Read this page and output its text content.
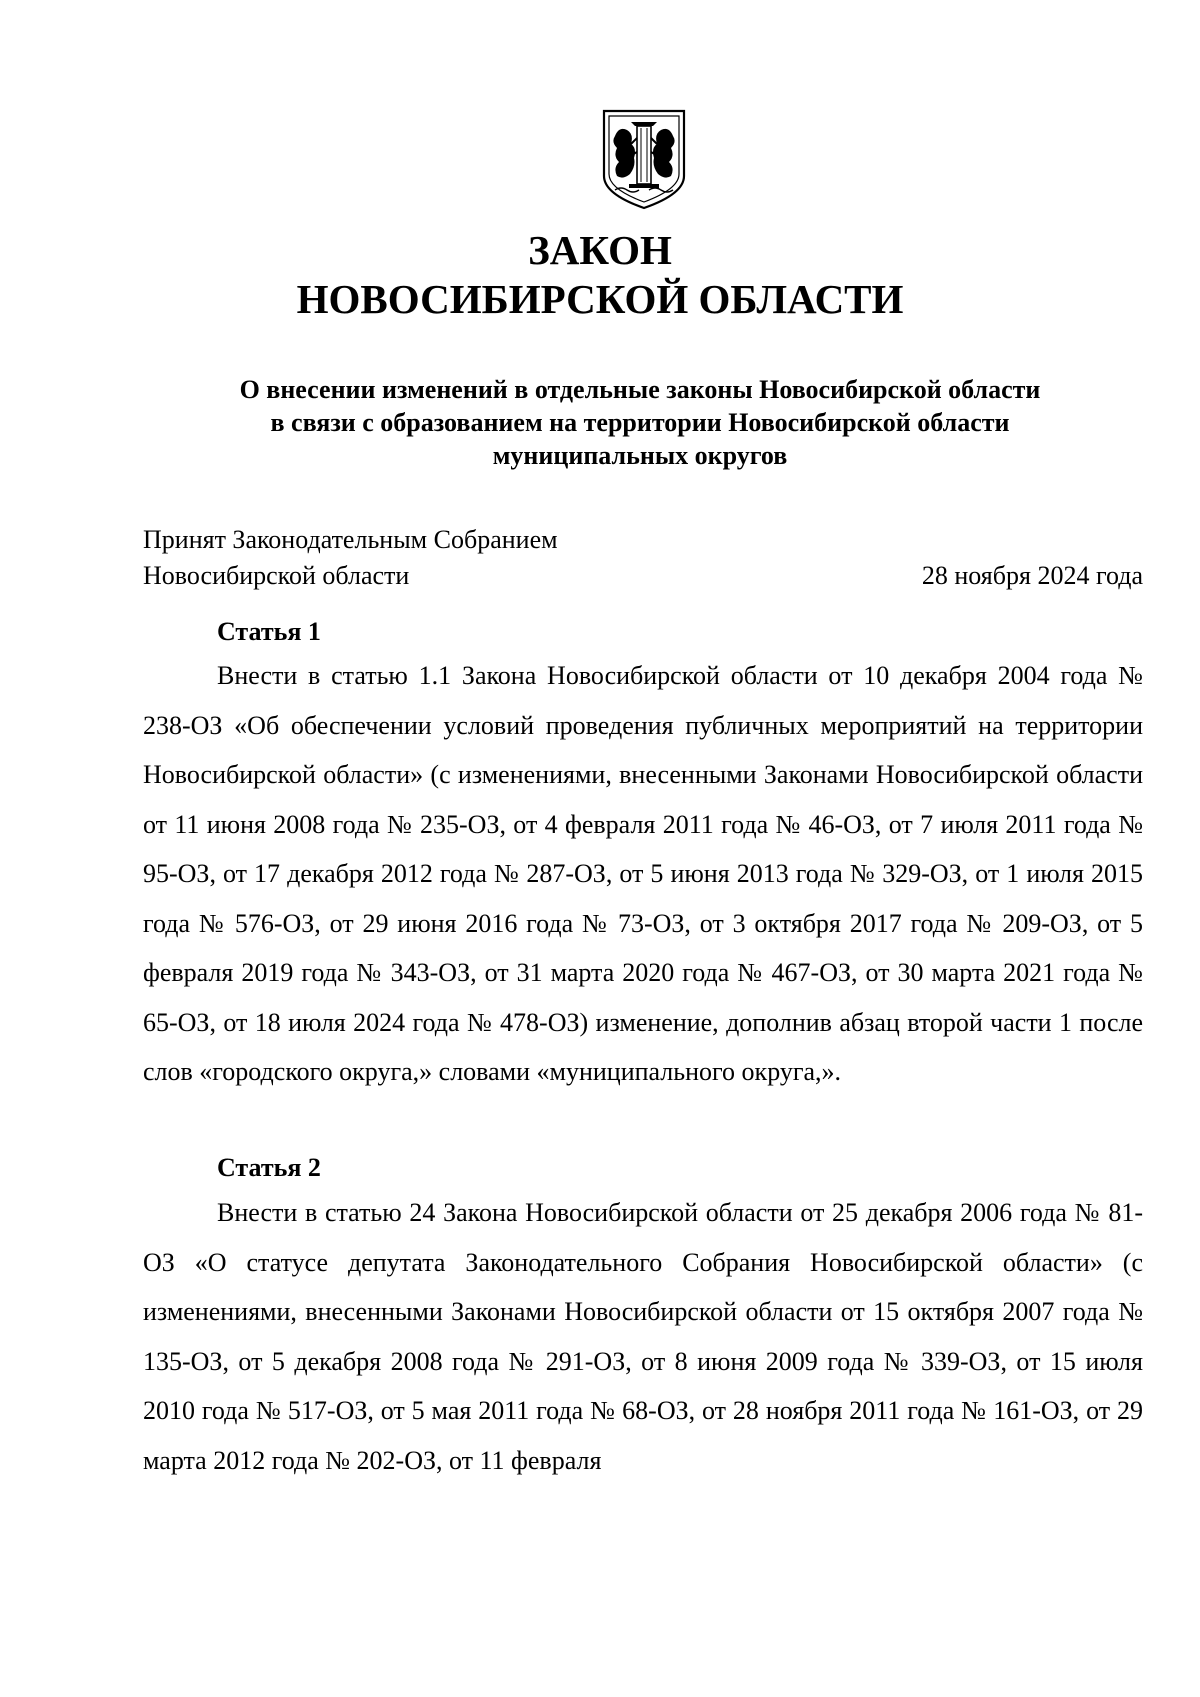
ЗАКОН
НОВОСИБИРСКОЙ ОБЛАСТИ

О внесении изменений в отдельные законы Новосибирской области

в связи с образованием на территории Новосибирской области

муниципальных округов

Принят Законодательным Собранием
Новосибирской области	28 ноября 2024 года
Статья 1

Внести в статью 1.1 Закона Новосибирской области от 10 декабря 2004 года № 238-ОЗ «Об обеспечении условий проведения публичных мероприятий на территории Новосибирской области» (с изменениями, внесенными Законами Новосибирской области от 11 июня 2008 года № 235-ОЗ, от 4 февраля 2011 года № 46-ОЗ, от 7 июля 2011 года № 95-ОЗ, от 17 декабря 2012 года № 287-ОЗ, от 5 июня 2013 года № 329-ОЗ, от 1 июля 2015 года № 576-ОЗ, от 29 июня 2016 года № 73-ОЗ, от 3 октября 2017 года № 209-ОЗ, от 5 февраля 2019 года № 343-ОЗ, от 31 марта 2020 года № 467-ОЗ, от 30 марта 2021 года № 65-ОЗ, от 18 июля 2024 года № 478-ОЗ) изменение, дополнив абзац второй части 1 после слов «городского округа,» словами «муниципального округа,».

Статья 2

Внести в статью 24 Закона Новосибирской области от 25 декабря 2006 года № 81-ОЗ «О статусе депутата Законодательного Собрания Новосибирской области» (с изменениями, внесенными Законами Новосибирской области от 15 октября 2007 года № 135-ОЗ, от 5 декабря 2008 года № 291-ОЗ, от 8 июня 2009 года № 339-ОЗ, от 15 июля 2010 года № 517-ОЗ, от 5 мая 2011 года № 68-ОЗ, от 28 ноября 2011 года № 161-ОЗ, от 29 марта 2012 года № 202-ОЗ, от 11 февраля
